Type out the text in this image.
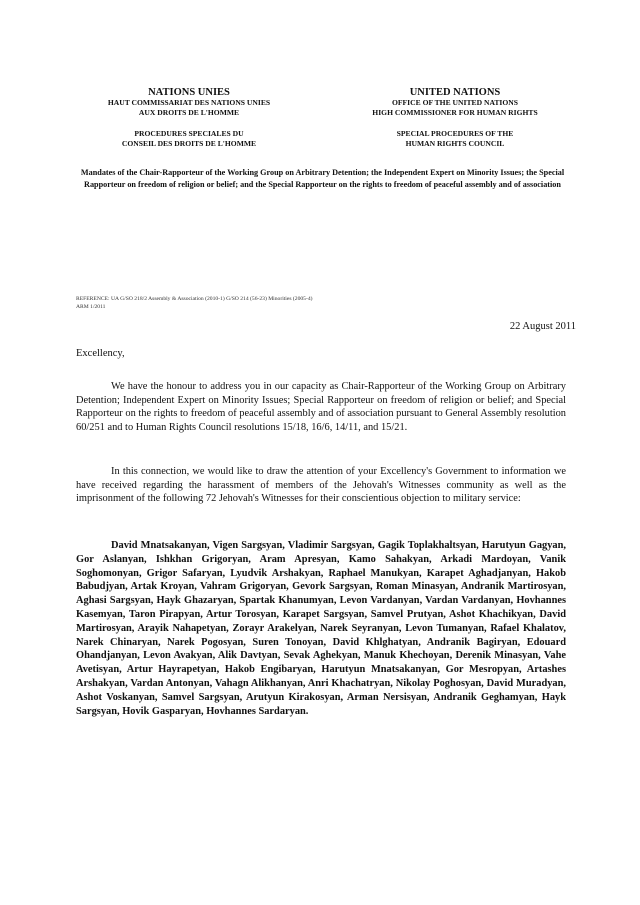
NATIONS UNIES
HAUT COMMISSARIAT DES NATIONS UNIES
AUX DROITS DE L'HOMME
PROCEDURES SPECIALES DU
CONSEIL DES DROITS DE L'HOMME
UNITED NATIONS
OFFICE OF THE UNITED NATIONS
HIGH COMMISSIONER FOR HUMAN RIGHTS
SPECIAL PROCEDURES OF THE
HUMAN RIGHTS COUNCIL
Mandates of the Chair-Rapporteur of the Working Group on Arbitrary Detention; the Independent Expert on Minority Issues; the Special Rapporteur on freedom of religion or belief; and the Special Rapporteur on the rights to freedom of peaceful assembly and of association
REFERENCE: UA G/SO 218/2 Assembly & Association (2010-1) G/SO 214 (56-23) Minorities (2005-4)
ARM 1/2011
22 August 2011
Excellency,
We have the honour to address you in our capacity as Chair-Rapporteur of the Working Group on Arbitrary Detention; Independent Expert on Minority Issues; Special Rapporteur on freedom of religion or belief; and Special Rapporteur on the rights to freedom of peaceful assembly and of association pursuant to General Assembly resolution 60/251 and to Human Rights Council resolutions 15/18, 16/6, 14/11, and 15/21.
In this connection, we would like to draw the attention of your Excellency's Government to information we have received regarding the harassment of members of the Jehovah's Witnesses community as well as the imprisonment of the following 72 Jehovah's Witnesses for their conscientious objection to military service:
David Mnatsakanyan, Vigen Sargsyan, Vladimir Sargsyan, Gagik Toplakhaltsyan, Harutyun Gagyan, Gor Aslanyan, Ishkhan Grigoryan, Aram Apresyan, Kamo Sahakyan, Arkadi Mardoyan, Vanik Soghomonyan, Grigor Safaryan, Lyudvik Arshakyan, Raphael Manukyan, Karapet Aghadjanyan, Hakob Babudjyan, Artak Kroyan, Vahram Grigoryan, Gevork Sargsyan, Roman Minasyan, Andranik Martirosyan, Aghasi Sargsyan, Hayk Ghazaryan, Spartak Khanumyan, Levon Vardanyan, Vardan Vardanyan, Hovhannes Kasemyan, Taron Pirapyan, Artur Torosyan, Karapet Sargsyan, Samvel Prutyan, Ashot Khachikyan, David Martirosyan, Arayik Nahapetyan, Zorayr Arakelyan, Narek Seyranyan, Levon Tumanyan, Rafael Khalatov, Narek Chinaryan, Narek Pogosyan, Suren Tonoyan, David Khlghatyan, Andranik Bagiryan, Edouard Ohandjanyan, Levon Avakyan, Alik Davtyan, Sevak Aghekyan, Manuk Khechoyan, Derenik Minasyan, Vahe Avetisyan, Artur Hayrapetyan, Hakob Engibaryan, Harutyun Mnatsakanyan, Gor Mesropyan, Artashes Arshakyan, Vardan Antonyan, Vahagn Alikhanyan, Anri Khachatryan, Nikolay Poghosyan, David Muradyan, Ashot Voskanyan, Samvel Sargsyan, Arutyun Kirakosyan, Arman Nersisyan, Andranik Geghamyan, Hayk Sargsyan, Hovik Gasparyan, Hovhannes Sardaryan.
